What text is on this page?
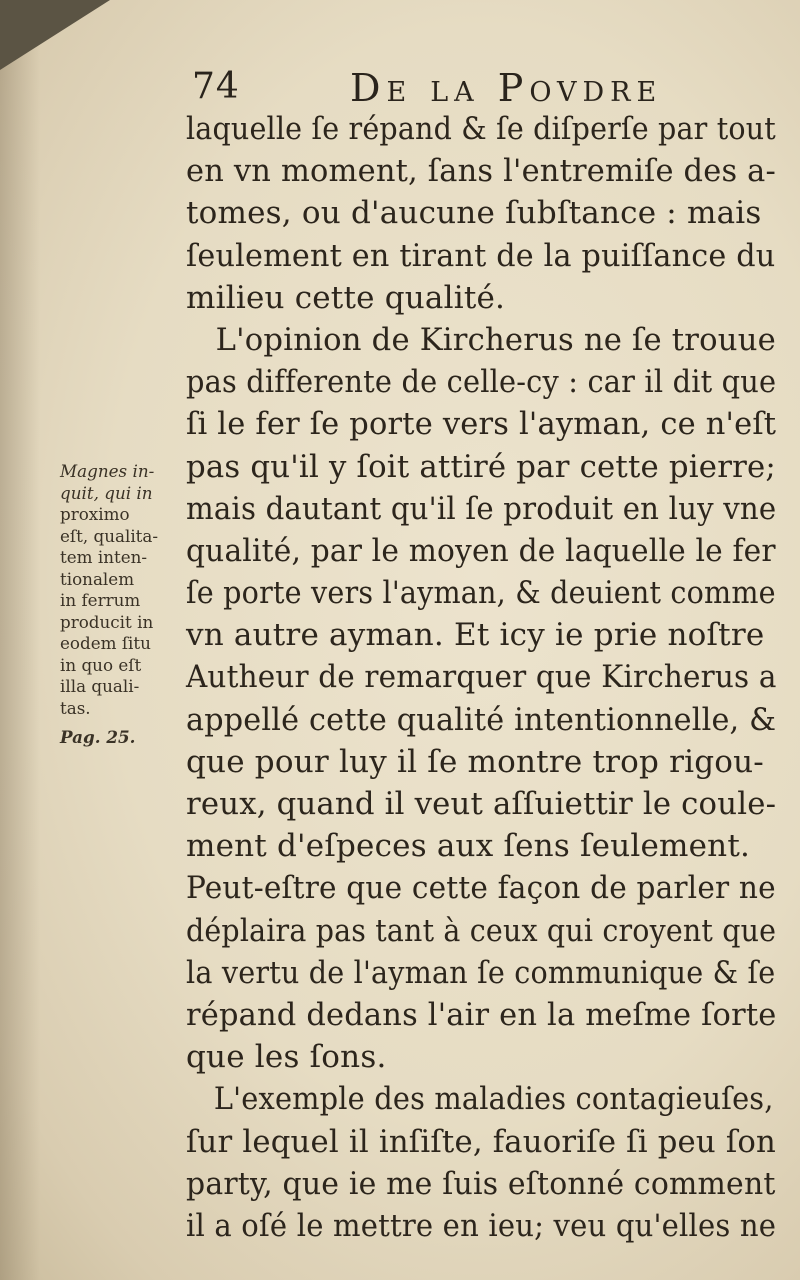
74	De la Povdre
laquelle ſe répand & ſe diſperſe par tout
en vn moment, ſans l'entremiſe des a-
tomes, ou d'aucune ſubſtance : mais
ſeulement en tirant de la puiſſance du
milieu cette qualité.
L'opinion de Kircherus ne ſe trouue
pas differente de celle-cy : car il dit que
ſi le fer ſe porte vers l'ayman, ce n'eſt
pas qu'il y ſoit attiré par cette pierre;
mais dautant qu'il ſe produit en luy vne
qualité, par le moyen de laquelle le fer
ſe porte vers l'ayman, & deuient comme
vn autre ayman. Et icy ie prie noſtre
Autheur de remarquer que Kircherus a
appellé cette qualité intentionnelle, &
que pour luy il ſe montre trop rigou-
reux, quand il veut aſſuiettir le coule-
ment d'eſpeces aux ſens ſeulement.
Peut-eſtre que cette façon de parler ne
déplaira pas tant à ceux qui croyent que
la vertu de l'ayman ſe communique & ſe
répand dedans l'air en la meſme ſorte
que les ſons.
L'exemple des maladies contagieuſes,
ſur lequel il inſiſte, fauoriſe ſi peu ſon
party, que ie me ſuis eſtonné comment
il a oſé le mettre en ieu; veu qu'elles ne
Magnes in-
quit, qui in
proximo
eſt, qualita-
tem inten-
tionalem
in ferrum
producit in
eodem ſitu
in quo eſt
illa quali-
tas.
Pag. 25.
